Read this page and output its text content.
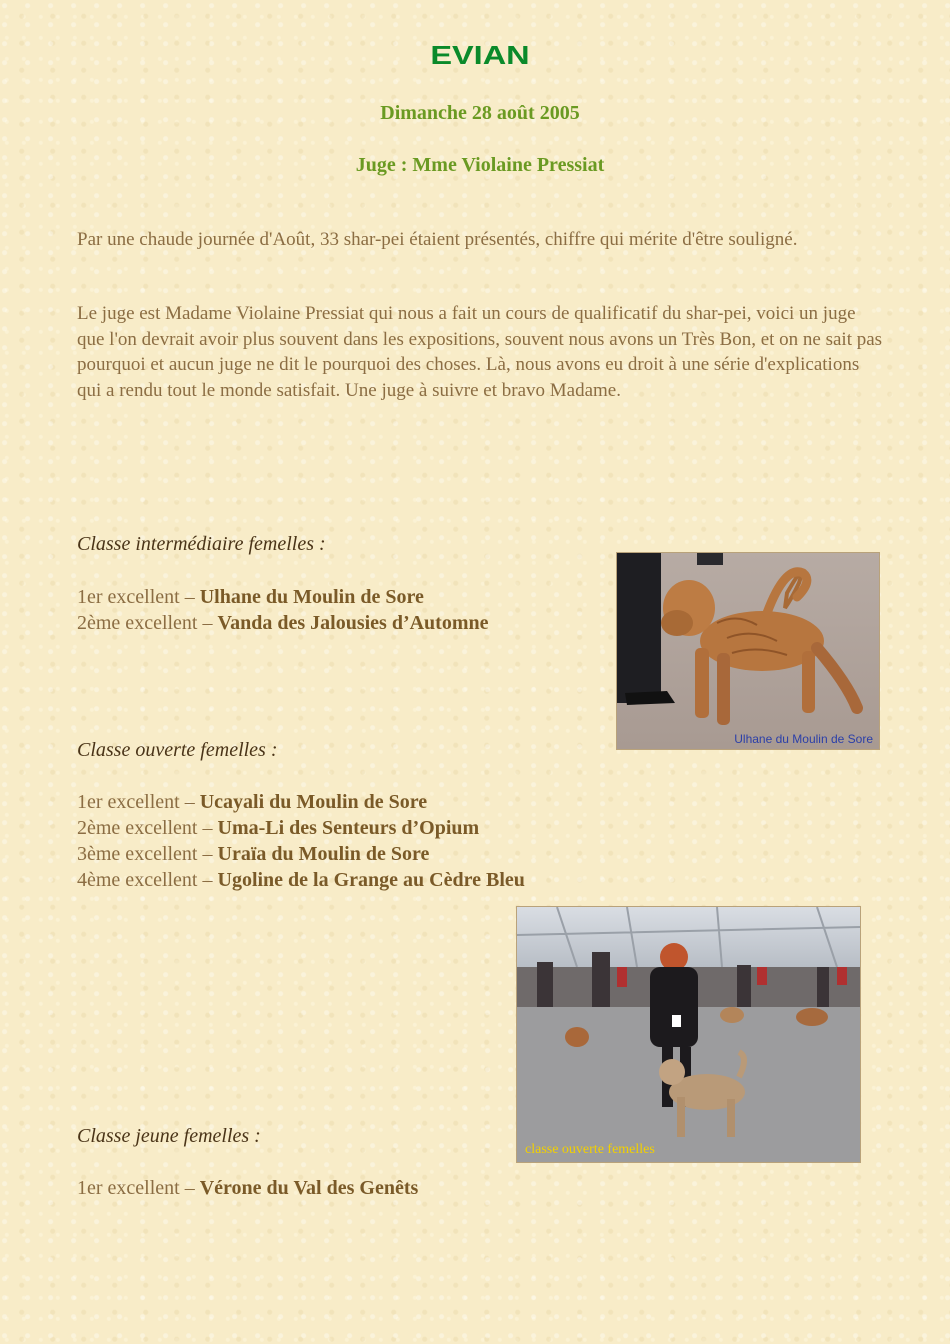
EVIAN
Dimanche 28 août 2005
Juge : Mme Violaine Pressiat

Par une chaude journée d'Août, 33 shar-pei étaient présentés, chiffre qui mérite d'être souligné.

Le juge est Madame Violaine Pressiat qui nous a fait un cours de qualificatif du shar-pei, voici un juge que l'on devrait avoir plus souvent dans les expositions, souvent nous avons un Très Bon, et on ne sait pas pourquoi et aucun juge ne dit le pourquoi des choses. Là, nous avons eu droit à une série d'explications qui a rendu tout le monde satisfait. Une juge à suivre et bravo Madame.

Classe intermédiaire femelles :

1er excellent – Ulhane du Moulin de Sore

2ème excellent – Vanda des Jalousies d’Automne

Ulhane du Moulin de Sore

Classe ouverte femelles :

1er excellent – Ucayali du Moulin de Sore

2ème excellent – Uma-Li des Senteurs d’Opium

3ème excellent – Uraïa du Moulin de Sore

4ème excellent – Ugoline de la Grange au Cèdre Bleu

classe ouverte femelles

Classe jeune femelles :

1er excellent – Vérone du Val des Genêts
